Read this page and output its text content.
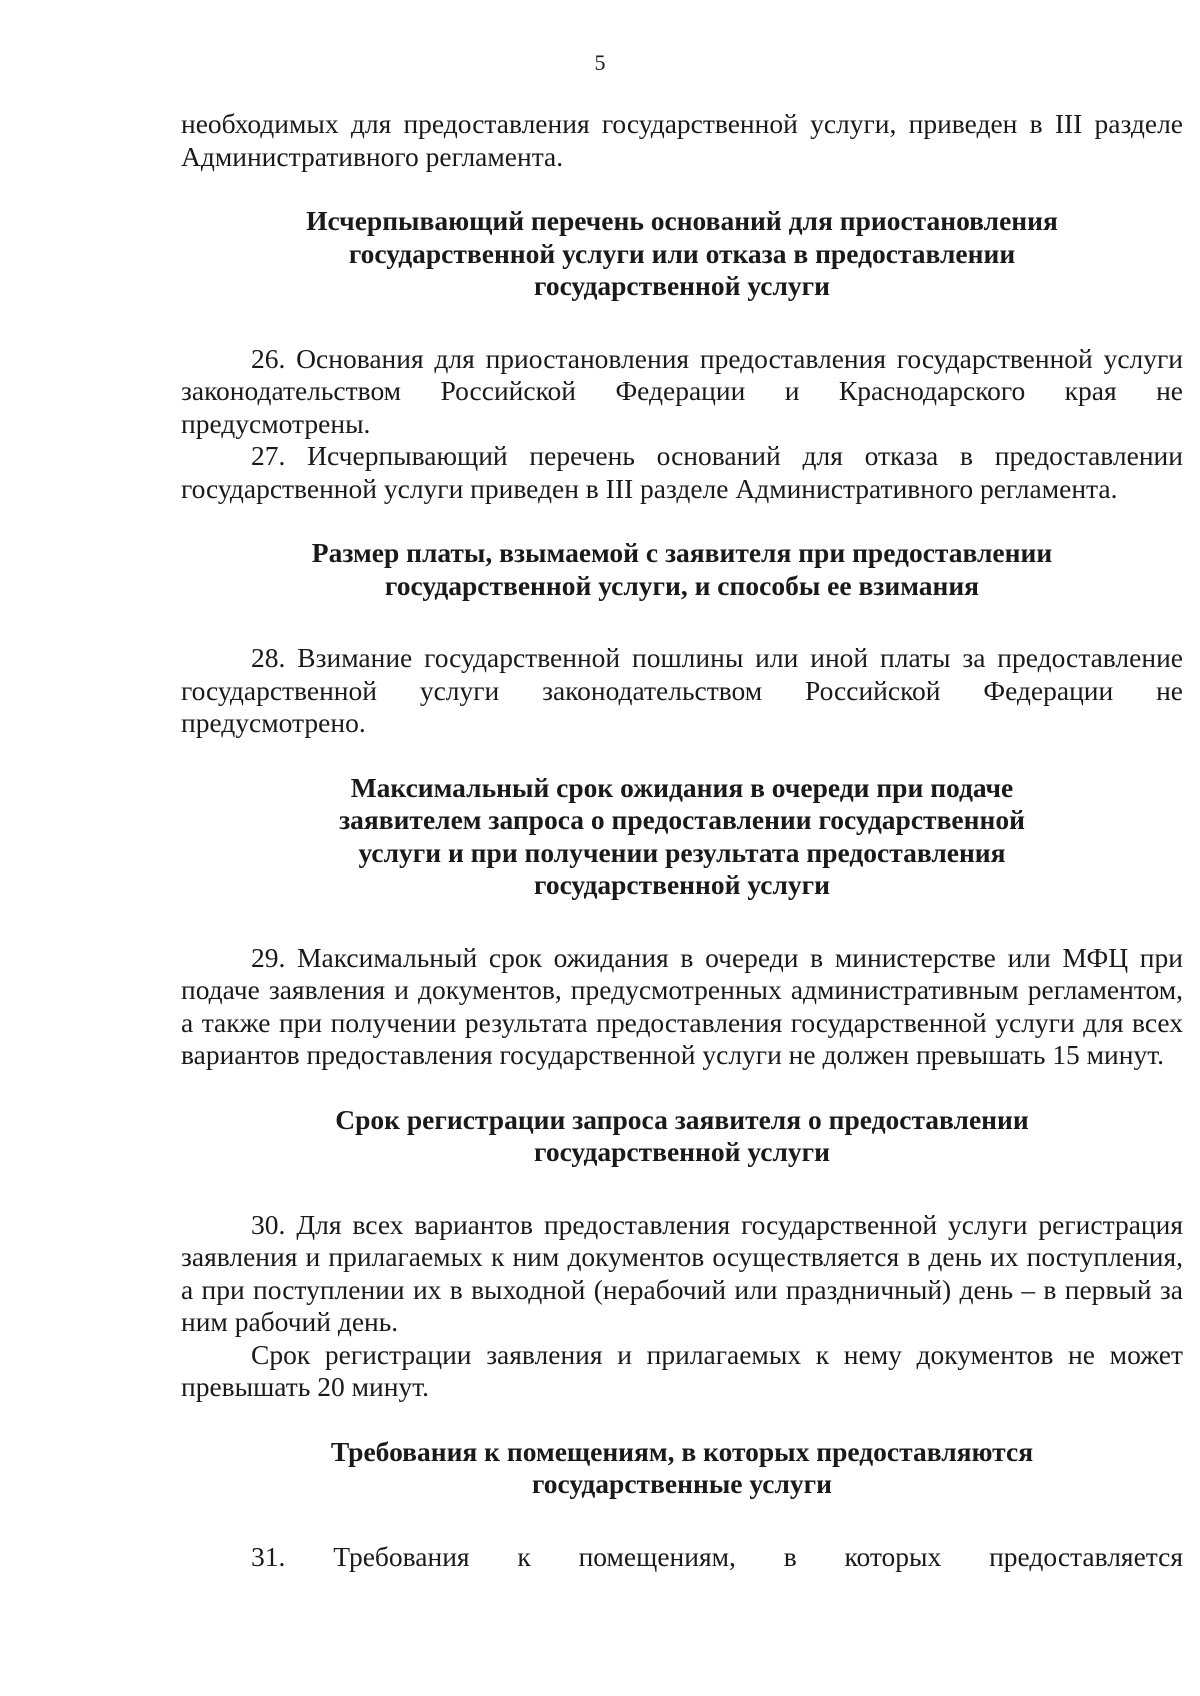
5

необходимых для предоставления государственной услуги, приведен в III разделе Административного регламента.

Исчерпывающий перечень оснований для приостановления
государственной услуги или отказа в предоставлении
государственной услуги

26. Основания для приостановления предоставления государственной услуги законодательством Российской Федерации и Краснодарского края не предусмотрены.

27. Исчерпывающий перечень оснований для отказа в предоставлении государственной услуги приведен в III разделе Административного регламента.

Размер платы, взымаемой с заявителя при предоставлении
государственной услуги, и способы ее взимания

28. Взимание государственной пошлины или иной платы за предоставление государственной услуги законодательством Российской Федерации не предусмотрено.

Максимальный срок ожидания в очереди при подаче
заявителем запроса о предоставлении государственной
услуги и при получении результата предоставления
государственной услуги

29. Максимальный срок ожидания в очереди в министерстве или МФЦ при подаче заявления и документов, предусмотренных административным регламентом, а также при получении результата предоставления государственной услуги для всех вариантов предоставления государственной услуги не должен превышать 15 минут.

Срок регистрации запроса заявителя о предоставлении
государственной услуги

30. Для всех вариантов предоставления государственной услуги регистрация заявления и прилагаемых к ним документов осуществляется в день их поступления, а при поступлении их в выходной (нерабочий или праздничный) день – в первый за ним рабочий день.

Срок регистрации заявления и прилагаемых к нему документов не может превышать 20 минут.

Требования к помещениям, в которых предоставляются
государственные услуги

31. Требования к помещениям, в которых предоставляется
